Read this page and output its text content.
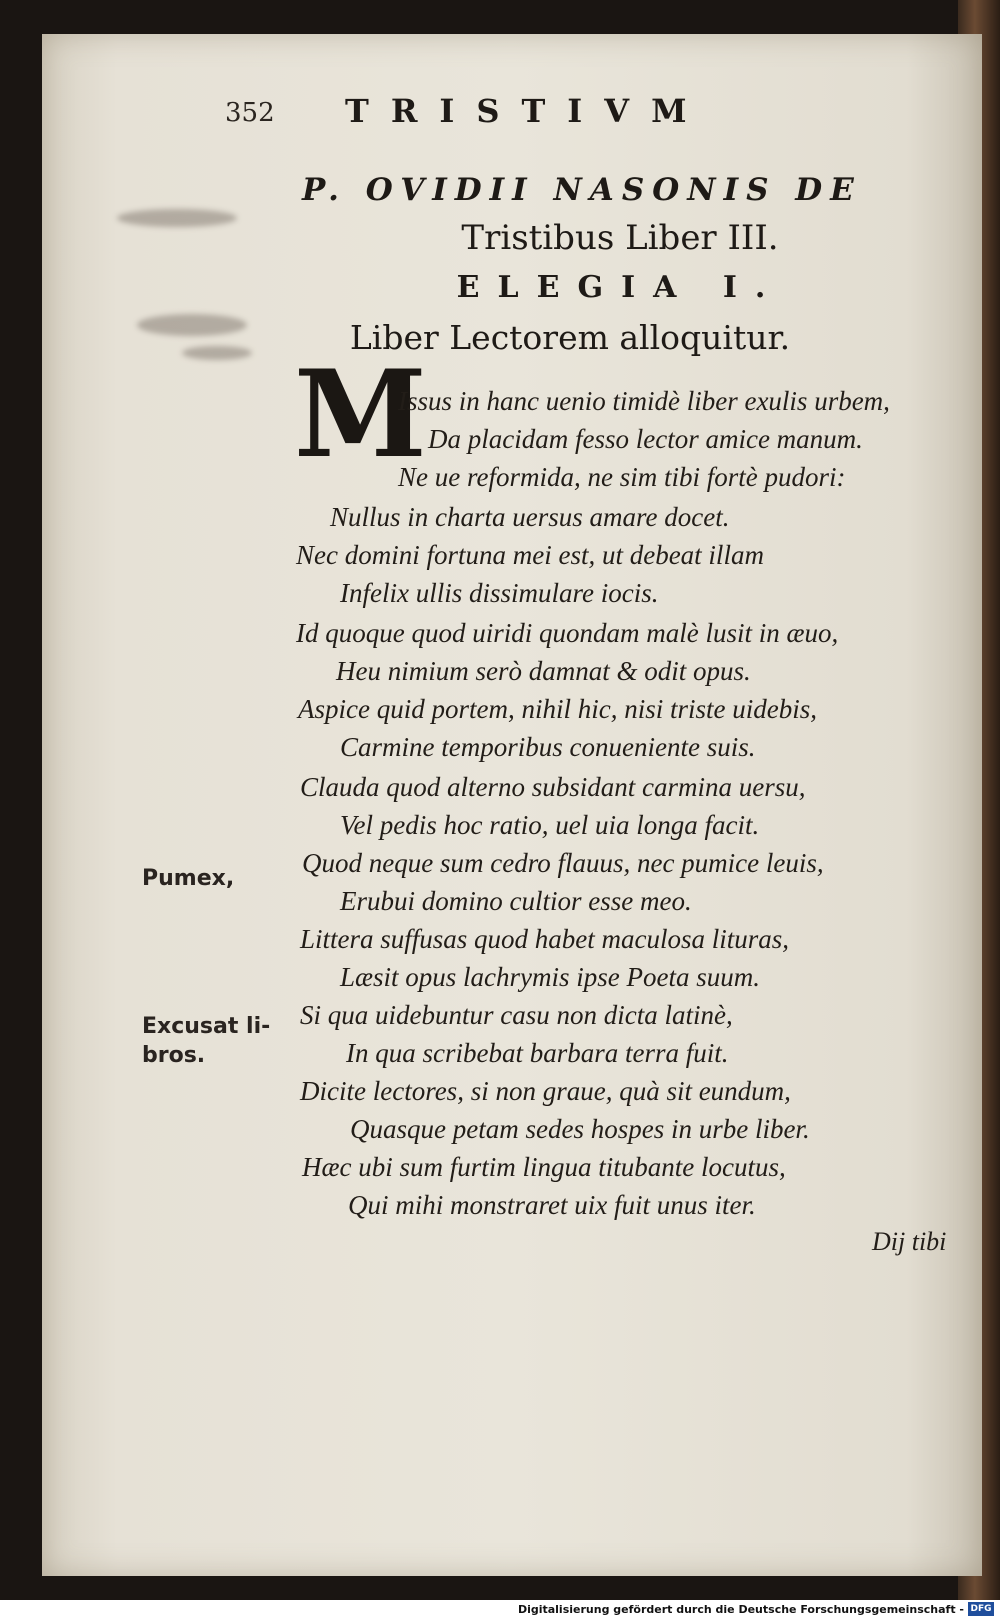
352 TRISTIVM
P. OVIDII NASONIS DE
Tristibus Liber III.
ELEGIA I.
Liber Lectorem alloquitur.
M
Issus in hanc uenio timidè liber exulis urbem,
Da placidam fesso lector amice manum.
Ne ue reformida, ne sim tibi fortè pudori:
Nullus in charta uersus amare docet.
Nec domini fortuna mei est, ut debeat illam
Infelix ullis dissimulare iocis.
Id quoque quod uiridi quondam malè lusit in æuo,
Heu nimium serò damnat & odit opus.
Aspice quid portem, nihil hic, nisi triste uidebis,
Carmine temporibus conueniente suis.
Clauda quod alterno subsidant carmina uersu,
Vel pedis hoc ratio, uel uia longa facit.
Quod neque sum cedro flauus, nec pumice leuis,
Erubui domino cultior esse meo.
Littera suffusas quod habet maculosa lituras,
Læsit opus lachrymis ipse Poeta suum.
Si qua uidebuntur casu non dicta latinè,
In qua scribebat barbara terra fuit.
Dicite lectores, si non graue, quà sit eundum,
Quasque petam sedes hospes in urbe liber.
Hæc ubi sum furtim lingua titubante locutus,
Qui mihi monstraret uix fuit unus iter.
Pumex,
Excusat li-
bros.
Dij tibi
Digitalisierung gefördert durch die Deutsche Forschungsgemeinschaft - DFG
